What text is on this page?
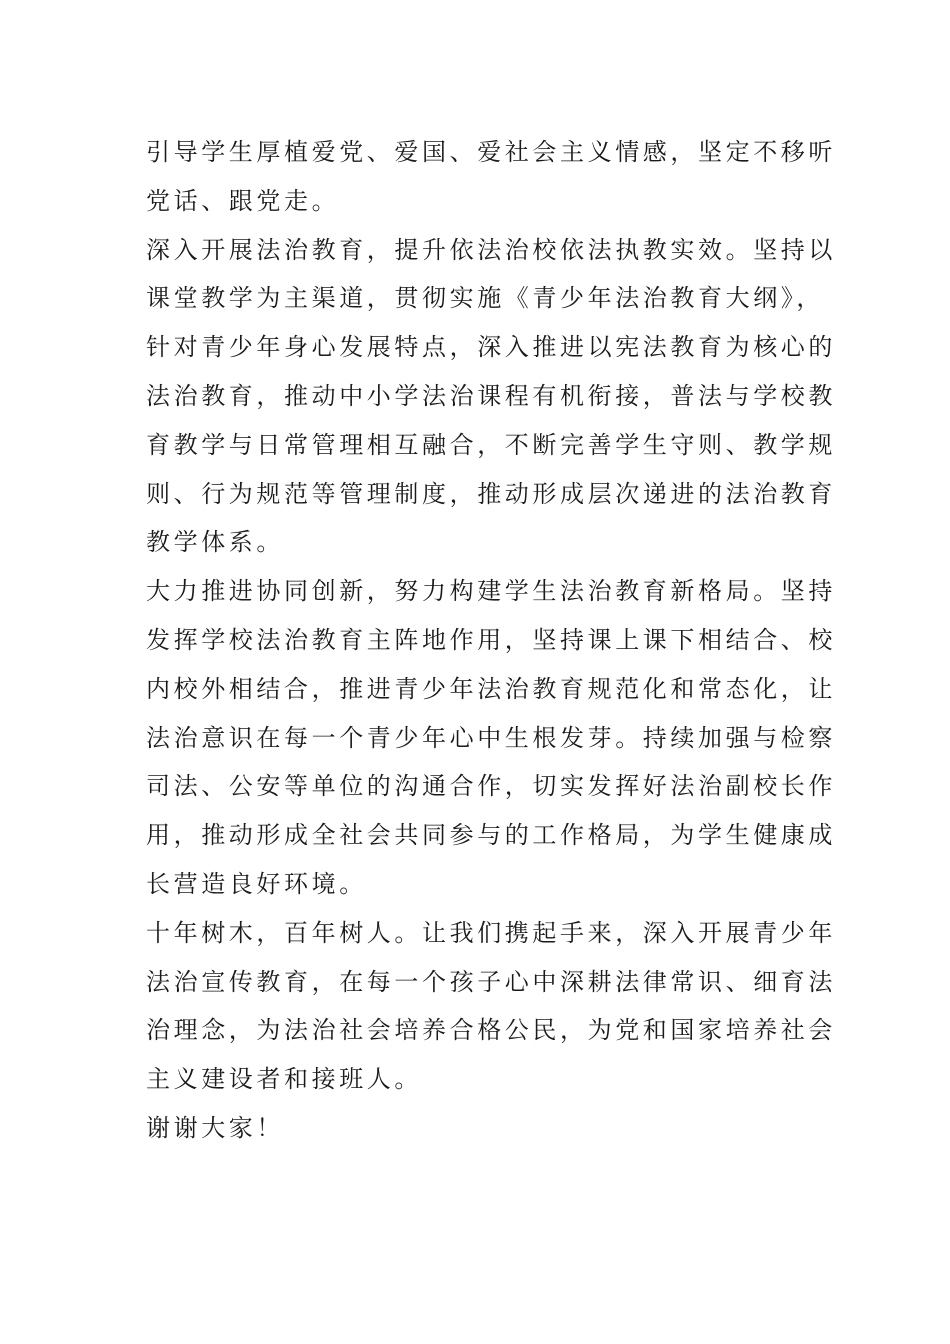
引导学生厚植爱党、爱国、爱社会主义情感，坚定不移听
党话、跟党走。
深入开展法治教育，提升依法治校依法执教实效。坚持以
课堂教学为主渠道，贯彻实施《青少年法治教育大纲》，
针对青少年身心发展特点，深入推进以宪法教育为核心的
法治教育，推动中小学法治课程有机衔接，普法与学校教
育教学与日常管理相互融合，不断完善学生守则、教学规
则、行为规范等管理制度，推动形成层次递进的法治教育
教学体系。
大力推进协同创新，努力构建学生法治教育新格局。坚持
发挥学校法治教育主阵地作用，坚持课上课下相结合、校
内校外相结合，推进青少年法治教育规范化和常态化，让
法治意识在每一个青少年心中生根发芽。持续加强与检察
司法、公安等单位的沟通合作，切实发挥好法治副校长作
用，推动形成全社会共同参与的工作格局，为学生健康成
长营造良好环境。
十年树木，百年树人。让我们携起手来，深入开展青少年
法治宣传教育，在每一个孩子心中深耕法律常识、细育法
治理念，为法治社会培养合格公民，为党和国家培养社会
主义建设者和接班人。
谢谢大家！
